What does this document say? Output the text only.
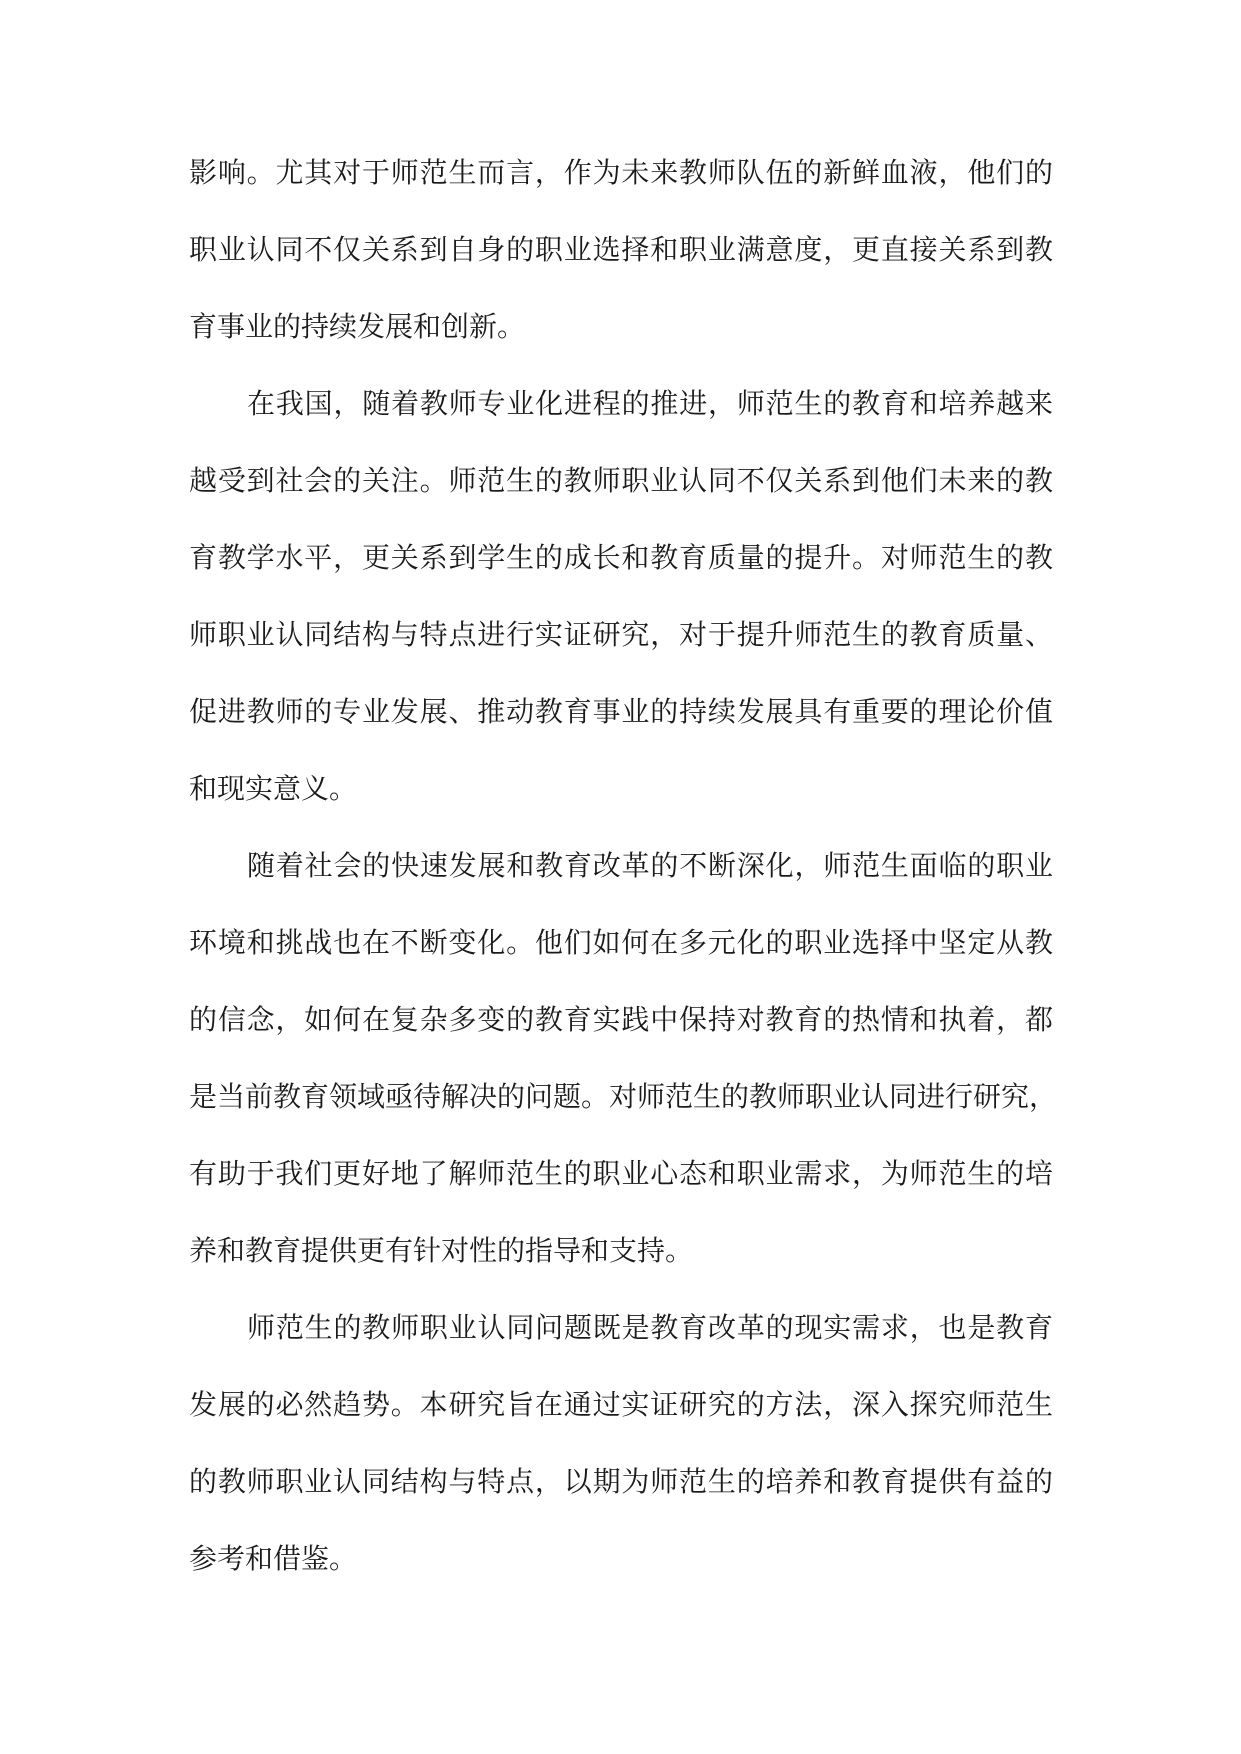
影响。尤其对于师范生而言，作为未来教师队伍的新鲜血液，他们的
职业认同不仅关系到自身的职业选择和职业满意度，更直接关系到教
育事业的持续发展和创新。
在我国，随着教师专业化进程的推进，师范生的教育和培养越来
越受到社会的关注。师范生的教师职业认同不仅关系到他们未来的教
育教学水平，更关系到学生的成长和教育质量的提升。对师范生的教
师职业认同结构与特点进行实证研究，对于提升师范生的教育质量、
促进教师的专业发展、推动教育事业的持续发展具有重要的理论价值
和现实意义。
随着社会的快速发展和教育改革的不断深化，师范生面临的职业
环境和挑战也在不断变化。他们如何在多元化的职业选择中坚定从教
的信念，如何在复杂多变的教育实践中保持对教育的热情和执着，都
是当前教育领域亟待解决的问题。对师范生的教师职业认同进行研究，
有助于我们更好地了解师范生的职业心态和职业需求，为师范生的培
养和教育提供更有针对性的指导和支持。
师范生的教师职业认同问题既是教育改革的现实需求，也是教育
发展的必然趋势。本研究旨在通过实证研究的方法，深入探究师范生
的教师职业认同结构与特点，以期为师范生的培养和教育提供有益的
参考和借鉴。
